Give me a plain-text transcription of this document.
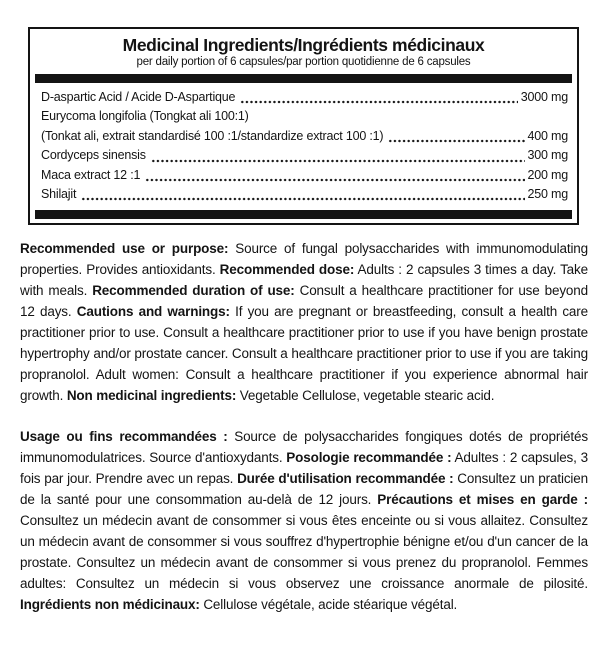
Medicinal Ingredients/Ingrédients médicinaux
per daily portion of 6 capsules/par portion quotidienne de 6 capsules
D-aspartic Acid / Acide D-Aspartique	3000 mg
Eurycoma longifolia (Tongkat ali 100:1)
(Tonkat ali, extrait standardisé 100 :1/standardize extract 100 :1)	400 mg
Cordyceps sinensis	300 mg
Maca extract 12 :1	200 mg
Shilajit	250 mg

Recommended use or purpose: Source of fungal polysaccharides with immunomodulating properties. Provides antioxidants. Recommended dose: Adults : 2 capsules 3 times a day. Take with meals. Recommended duration of use: Consult a healthcare practitioner for use beyond 12 days. Cautions and warnings: If you are pregnant or breastfeeding, consult a health care practitioner prior to use. Consult a healthcare practitioner prior to use if you have benign prostate hypertrophy and/or prostate cancer. Consult a healthcare practitioner prior to use if you are taking propranolol. Adult women: Consult a healthcare practitioner if you experience abnormal hair growth. Non medicinal ingredients: Vegetable Cellulose, vegetable stearic acid.

Usage ou fins recommandées : Source de polysaccharides fongiques dotés de propriétés immunomodulatrices. Source d'antioxydants. Posologie recommandée : Adultes : 2 capsules, 3 fois par jour. Prendre avec un repas. Durée d'utilisation recommandée : Consultez un praticien de la santé pour une consommation au-delà de 12 jours. Précautions et mises en garde : Consultez un médecin avant de consommer si vous êtes enceinte ou si vous allaitez. Consultez un médecin avant de consommer si vous souffrez d'hypertrophie bénigne et/ou d'un cancer de la prostate. Consultez un médecin avant de consommer si vous prenez du propranolol. Femmes adultes: Consultez un médecin si vous observez une croissance anormale de pilosité. Ingrédients non médicinaux: Cellulose végétale, acide stéarique végétal.
